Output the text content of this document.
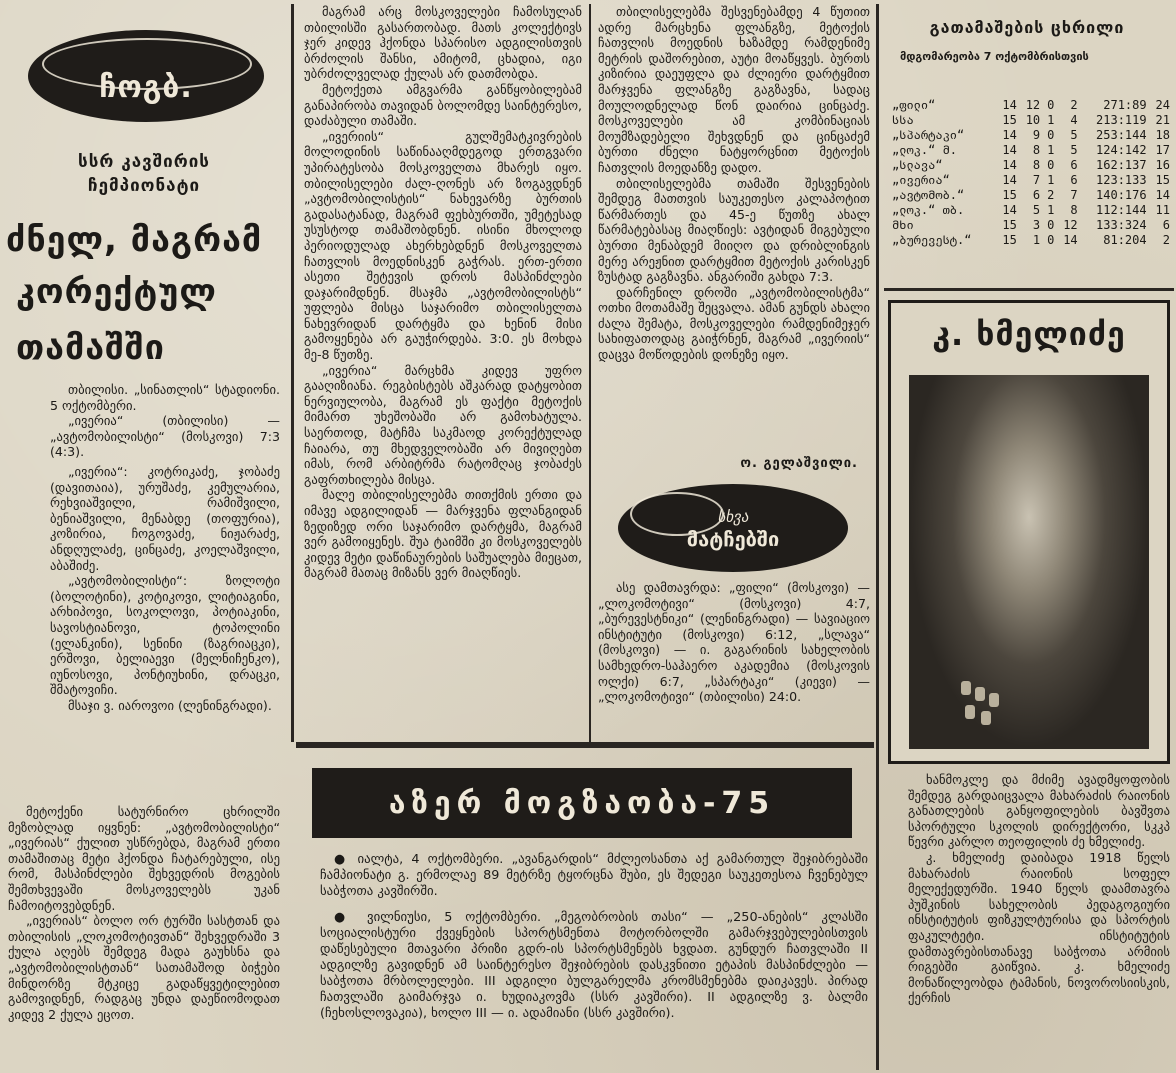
ჩოგბ.
სსრ კავშირის
ჩემპიონატი
ძნელ, მაგრამ
კორექტულ
თამაშში

თბილისი. „სინათლის“ სტადიონი. 5 ოქტომბერი.

„ივერია“ (თბილისი) — „ავტომობილისტი“ (მოსკოვი) 7:3 (4:3).

„ივერია“: კოტრიკაძე, ჯობაძე (დავითაია), ურუშაძე, კემულარია, რეხვიაშვილი, რამიშვილი, ბენიაშვილი, მენაბდე (თოფურია), კოზირია, ჩოგოვაძე, ნიჟარაძე, ანდღულაძე, ცინცაძე, კოელაშვილი, აბაშიძე.

„ავტომობილისტი“: ზოლოტი (ბოლოტინი), კოტიკოვი, ლიტიაგინი, არხიპოვი, სოკოლოვი, პოტიაკინი, სავოსტიანოვი, ტოპოლინი (ელანკინი), სენინი (ზაგრიაცკი), ერშოვი, ბელიაევი (მელნიჩენკო), იუნოსოვი, პონტიუხინი, დრაცკი, შმატოვიჩი.

მსაჯი ვ. იაროვოი (ლენინგრადი).

მეტოქენი სატურნირო ცხრილში მეზობლად იყვნენ: „ავტომობილისტი“ „ივერიას“ ქულით უსწრებდა, მაგრამ ერთი თამაშითაც მეტი ჰქონდა ჩატარებული, ისე რომ, მასპინძლები შეხვედრის მოგების შემთხვევაში მოსკოველებს უკან ჩამოიტოვებდნენ.

„ივერიას“ ბოლო ორ ტურში სასტთან და თბილისის „ლოკომოტივთან“ შეხვედრაში 3 ქულა აღებს შემდეგ მადა გაუხსნა და „ავტომობილისტთან“ სათამაშოდ ბიჭები მინდორზე მტკიცე გადაწყვეტილებით გამოვიდნენ, რადგაც უნდა დაეწიომოდათ კიდევ 2 ქულა ეცოთ.

მაგრამ არც მოსკოველები ჩამოსულან თბილისში გასართობად. მათს კოლექტივს ჯერ კიდევ ჰქონდა სპარისო ადგილისთვის ბრძოლის შანსი, ამიტომ, ცხადია, იგი უბრძოლველად ქულას არ დათმობდა.

მეტოქეთა ამგვარმა განწყობილებამ განაპირობა თავიდან ბოლომდე საინტერესო, დაძაბული თამაში.

„ივერიის“ გულშემატკივრების მოლოდინის საწინააღმდეგოდ ერთგვარი უპირატესობა მოსკოველთა მხარეს იყო. თბილისელები ძალ-ღონეს არ ზოგავდნენ „ავტომობილისტის“ ნახევარზე ბურთის გადასატანად, მაგრამ ფეხბურთში, უმეტესად უსუსტოდ თამაშობდნენ. ისინი მხოლოდ პერიოდულად ახერხებდნენ მოსკოველთა ჩათვლის მოედნისკენ გაჭრას. ერთ-ერთი ასეთი შეტევის დროს მასპინძლები დაჯარიმდნენ. მსაჯმა „ავტომობილისტს“ უფლება მისცა საჯარიმო თბილისელთა ნახევრიდან დარტყმა და ხენინ მისი გამოყენება არ გაუჭირდება. 3:0. ეს მოხდა მე-8 წუთზე.

„ივერია“ მარცხმა კიდევ უფრო გააღიზიანა. რეგბისტებს აშკარად დატყობით ნერვიულობა, მაგრამ ეს ფაქტი მეტოქის მიმართ უხეშობაში არ გამოხატულა. საერთოდ, მატჩმა საკმაოდ კორექტულად ჩაიარა, თუ მხედველობაში არ მივიღებთ იმას, რომ არბიტრმა რატომღაც ჯობაძეს გაფრთხილება მისცა.

მალე თბილისელებმა თითქმის ერთი და იმავე ადგილიდან — მარჯვენა ფლანგიდან ზედიზედ ორი საჯარიმო დარტყმა, მაგრამ ვერ გამოიყენეს. შუა ტაიმში კი მოსკოველებს კიდევ მეტი დაწინაურების საშუალება მიეცათ, მაგრამ მათაც მიზანს ვერ მიაღწიეს.

თბილისელებმა შესვენებამდე 4 წუთით ადრე მარცხენა ფლანგზე, მეტოქის ჩათვლის მოედნის ხაზამდე რამდენიმე მეტრის დაშორებით, აუტი მოაწყვეს. ბურთს კიზირია დაეუფლა და ძლიერი დარტყმით მარჯვენა ფლანგზე გაგზავნა, სადაც მოულოდნელად წონ დაირია ცინცაძე. მოსკოველები ამ კომბინაციას მოუმზადებელი შეხვდნენ და ცინცაძემ ბურთი ძნელი ნატყორცნით მეტოქის ჩათვლის მოედანზე დადო.

თბილისელებმა თამაში შესვენების შემდეგ მათთვის საუკეთესო კალაპოტით წარმართეს და 45-ე წუთზე ახალ წარმატებასაც მიაღწიეს: ავტიდან მიგებული ბურთი მენაბდემ მიიღო და დრიბლინგის მერე არეჟნით დარტყმით მეტოქის კარისკენ ზუსტად გაგზავნა. ანგარიში გახდა 7:3.

დარჩენილ დროში „ავტომობილისტმა“ ოთხი მოთამაშე შეცვალა. ამან გუნდს ახალი ძალა შემატა, მოსკოველები რამდენიმეჯერ სახიფათოდაც გაიჭრნენ, მაგრამ „ივერიის“ დაცვა მოწოდების დონეზე იყო.

ო. გელაშვილი.
სხვა
მატჩებში

ასე დამთავრდა: „ფილი“ (მოსკოვი) — „ლოკომოტივი“ (მოსკოვი) 4:7, „ბურევესტნიკი“ (ლენინგრადი) — სავიაციო ინსტიტუტი (მოსკოვი) 6:12, „სლავა“ (მოსკოვი) — ი. გაგარინის სახელობის სამხედრო-საჰაერო აკადემია (მოსკოვის ოლქი) 6:7, „სპარტაკი“ (კიევი) — „ლოკომოტივი“ (თბილისი) 24:0.

გათამაშების ცხრილი
მდგომარეობა 7 ოქტომბრისთვის
„ფილი“	14	12	0	2	271:89	24
სსა	15	10	1	4	213:119	21
„სპარტაკი“	14	9	0	5	253:144	18
„ლოკ.“ მ.	14	8	1	5	124:142	17
„სლავა“	14	8	0	6	162:137	16
„ივერია“	14	7	1	6	123:133	15
„ავტომობ.“	15	6	2	7	140:176	14
„ლოკ.“ თბ.	14	5	1	8	112:144	11
მხი	15	3	0	12	133:324	6
„ბურევესტ.“	15	1	0	14	81:204	2
კ. ხმელიძე

ხანმოკლე და მძიმე ავადმყოფობის შემდეგ გარდაიცვალა მახარაძის რაიონის განათლების განყოფილების ბავშვთა სპორტული სკოლის დირექტორი, სკკპ წევრი კარლო თეოფილის ძე ხმელიძე.

კ. ხმელიძე დაიბადა 1918 წელს მახარაძის რაიონის სოფელ მელექედურში. 1940 წელს დაამთავრა პუშკინის სახელობის პედაგოგიური ინსტიტუტის ფიზკულტურისა და სპორტის ფაკულტეტი. ინსტიტუტის დამთავრებისთანავე საბჭოთა არმიის რიგებში გაიწვია. კ. ხმელიძე მონაწილეობდა ტამანის, ნოვოროსიისკის, ქერჩის

აზერ მოგზაობა-75

● იალტა, 4 ოქტომბერი. „ავანგარდის“ მძლეოსანთა აქ გამართულ შეჯიბრებაში ჩამპიონატი გ. ერმოლაე 89 მეტრზე ტყორცნა შუბი, ეს შედეგი საუკეთესოა ჩვენებულ საბჭოთა კავშირში.

● ვილნიუსი, 5 ოქტომბერი. „მეგობრობის თასი“ — „250-ანების“ კლასში სოციალისტური ქვეყნების სპორტსმენთა მოტორბოლში გამარჯვებულებისთვის დაწესებული მთავარი პრიზი გდრ-ის სპორტსმენებს ხვდათ. გუნდურ ჩათვლაში II ადგილზე გავიდნენ ამ საინტერესო შეჯიბრების დასკვნითი ეტაპის მასპინძლები — საბჭოთა მრბოლელები. III ადგილი ბულგარელმა კრომსმენებმა დაიკავეს. პირად ჩათვლაში გაიმარჯვა ი. ხუდიაკოვმა (სსრ კავშირი). II ადგილზე ვ. ბალმი (ჩეხოსლოვაკია), ხოლო III — ი. ადამიანი (სსრ კავშირი).
